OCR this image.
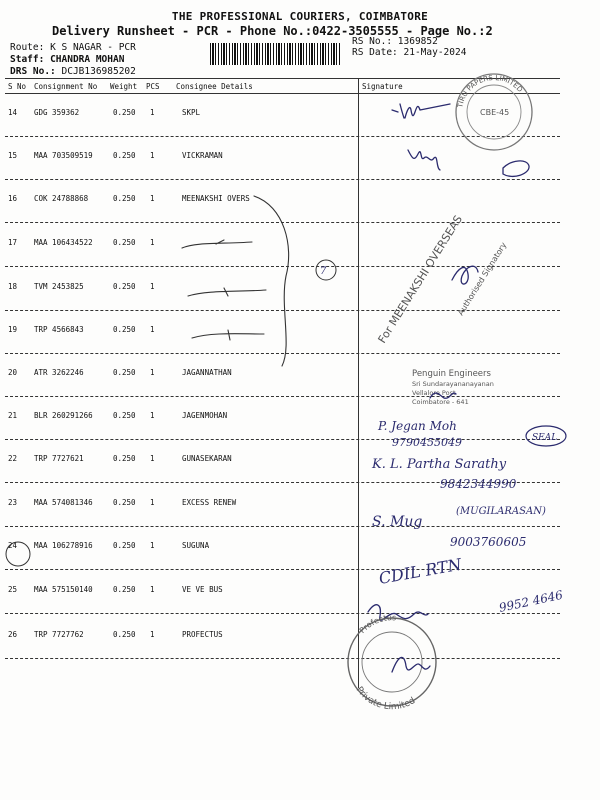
THE PROFESSIONAL COURIERS, COIMBATORE
Delivery Runsheet - PCR - Phone No.:0422-3505555 - Page No.:2
Route: K S NAGAR - PCR
Staff: CHANDRA MOHAN
DRS No.: DCJB136985202
RS No.: 1369852
RS Date: 21-May-2024
S No Consignment No Weight PCS Consignee Details	Signature
14 GDG 359362	0.250 1	SKPL
15 MAA 703509519	0.250 1	VICKRAMAN
16 COK 24788868	0.250 1	MEENAKSHI OVERS
17 MAA 106434522	0.250 1
18 TVM 2453825	0.250 1
19 TRP 4566843	0.250 1
20 ATR 3262246	0.250 1	JAGANNATHAN
21 BLR 260291266	0.250 1	JAGENMOHAN
22 TRP 7727621	0.250 1	GUNASEKARAN
23 MAA 574081346	0.250 1	EXCESS RENEW
24 MAA 106278916	0.250 1	SUGUNA
25 MAA 575150140	0.250 1	VE VE BUS
26 TRP 7727762	0.250 1	PROFECTUS
TIRU PAPERS LIMITED
CBE-45
7	For MEENAKSHI OVERSEAS
Authorised Signatory
Penguin Engineers
Sri Sundarayananayanan
Vellalore Post
Coimbatore - 641
P. Jegan Moh
9790455049	SEAL
K. L. Partha Sarathy
9842344990
S. Mug
(MUGILARASAN)
9003760605
CDIL RTN
9952 4646
Private Limited
Profectus
